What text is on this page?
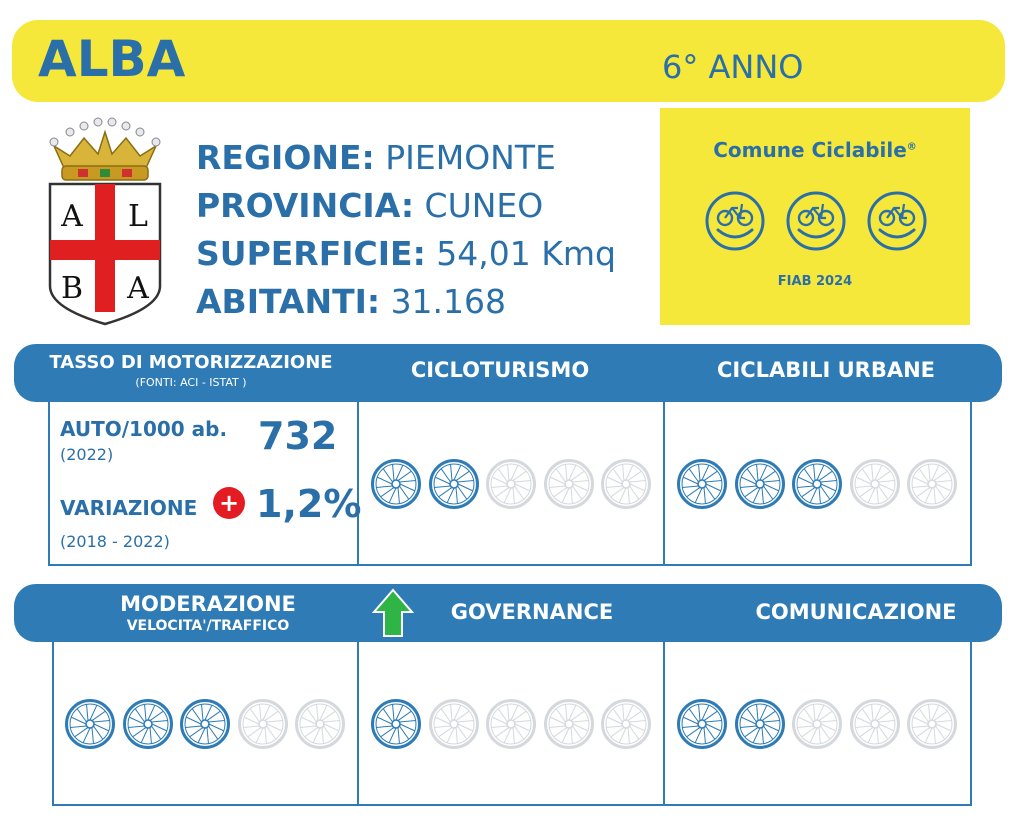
ALBA	6° ANNO
A L
B A
REGIONE: PIEMONTE
PROVINCIA: CUNEO
SUPERFICIE: 54,01 Kmq
ABITANTI: 31.168
Comune Ciclabile®
FIAB 2024
TASSO DI MOTORIZZAZIONE
(FONTI: ACI - ISTAT )
CICLOTURISMO	CICLABILI URBANE
AUTO/1000 ab.
(2022)	732
VARIAZIONE + 1,2%
(2018 - 2022)
MODERAZIONE
VELOCITA'/TRAFFICO
GOVERNANCE	COMUNICAZIONE
